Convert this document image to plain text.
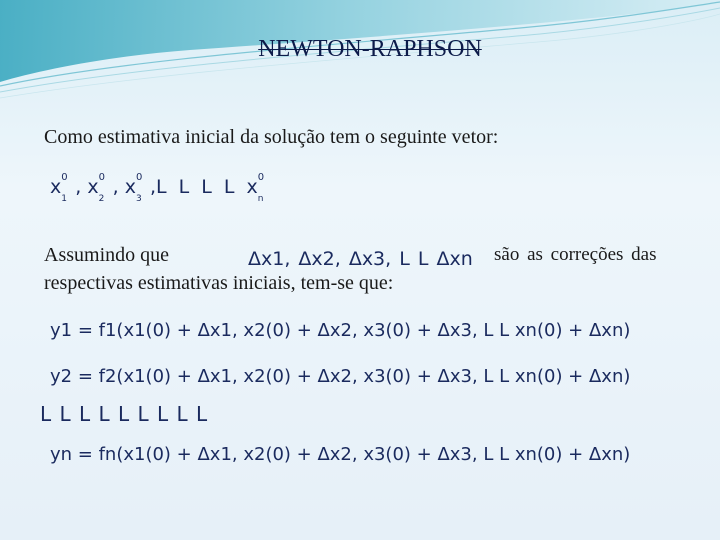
NEWTON-RAPHSON
Como estimativa inicial da solução tem o seguinte vetor:
x 0
1
, x 0
2
, x 0
3
,L L L L x 0
n
Assumindo que	Δx1, Δx2, Δx3, L L Δxn são as correções das
respectivas estimativas iniciais, tem-se que:
y1 = f1(x1(0) + Δx1, x2(0) + Δx2, x3(0) + Δx3, L L xn(0) + Δxn)
y2 = f2(x1(0) + Δx1, x2(0) + Δx2, x3(0) + Δx3, L L xn(0) + Δxn)
L L L L L L L L L
yn = fn(x1(0) + Δx1, x2(0) + Δx2, x3(0) + Δx3, L L xn(0) + Δxn)
